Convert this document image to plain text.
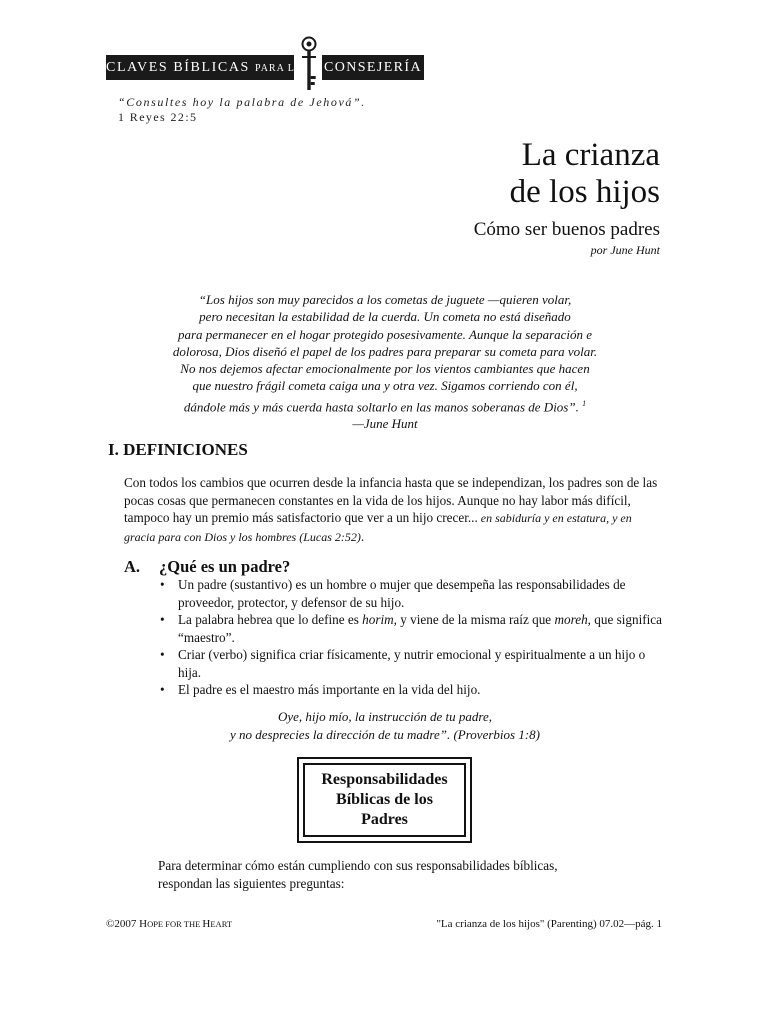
CLAVES BÍBLICAS PARA LA CONSEJERÍA
“Consultes hoy la palabra de Jehová”.
1 Reyes 22:5
La crianza
de los hijos
Cómo ser buenos padres
por June Hunt
“Los hijos son muy parecidos a los cometas de juguete —quieren volar,
pero necesitan la estabilidad de la cuerda. Un cometa no está diseñado
para permanecer en el hogar protegido posesivamente. Aunque la separación e
dolorosa, Dios diseñó el papel de los padres para preparar su cometa para volar.
No nos dejemos afectar emocionalmente por los vientos cambiantes que hacen
que nuestro frágil cometa caiga una y otra vez. Sigamos corriendo con él,
dándole más y más cuerda hasta soltarlo en las manos soberanas de Dios”. $^1$
—June Hunt
I. DEFINICIONES
Con todos los cambios que ocurren desde la infancia hasta que se independizan, los padres son de las pocas cosas que permanecen constantes en la vida de los hijos. Aunque no hay labor más difícil, tampoco hay un premio más satisfactorio que ver a un hijo crecer... en sabiduría y en estatura, y en gracia para con Dios y los hombres (Lucas 2:52).
A. ¿Qué es un padre?
• Un padre (sustantivo) es un hombre o mujer que desempeña las responsabilidades de proveedor, protector, y defensor de su hijo.
• La palabra hebrea que lo define es horim, y viene de la misma raíz que moreh, que significa “maestro”.
• Criar (verbo) significa criar físicamente, y nutrir emocional y espiritualmente a un hijo o hija.
• El padre es el maestro más importante en la vida del hijo.
Oye, hijo mío, la instrucción de tu padre,
y no desprecies la dirección de tu madre”. (Proverbios 1:8)
Responsabilidades
Bíblicas de los
Padres
Para determinar cómo están cumpliendo con sus responsabilidades bíblicas,
respondan las siguientes preguntas:
©2007 HOPE FOR THE HEART	"La crianza de los hijos" (Parenting) 07.02—pág. 1
